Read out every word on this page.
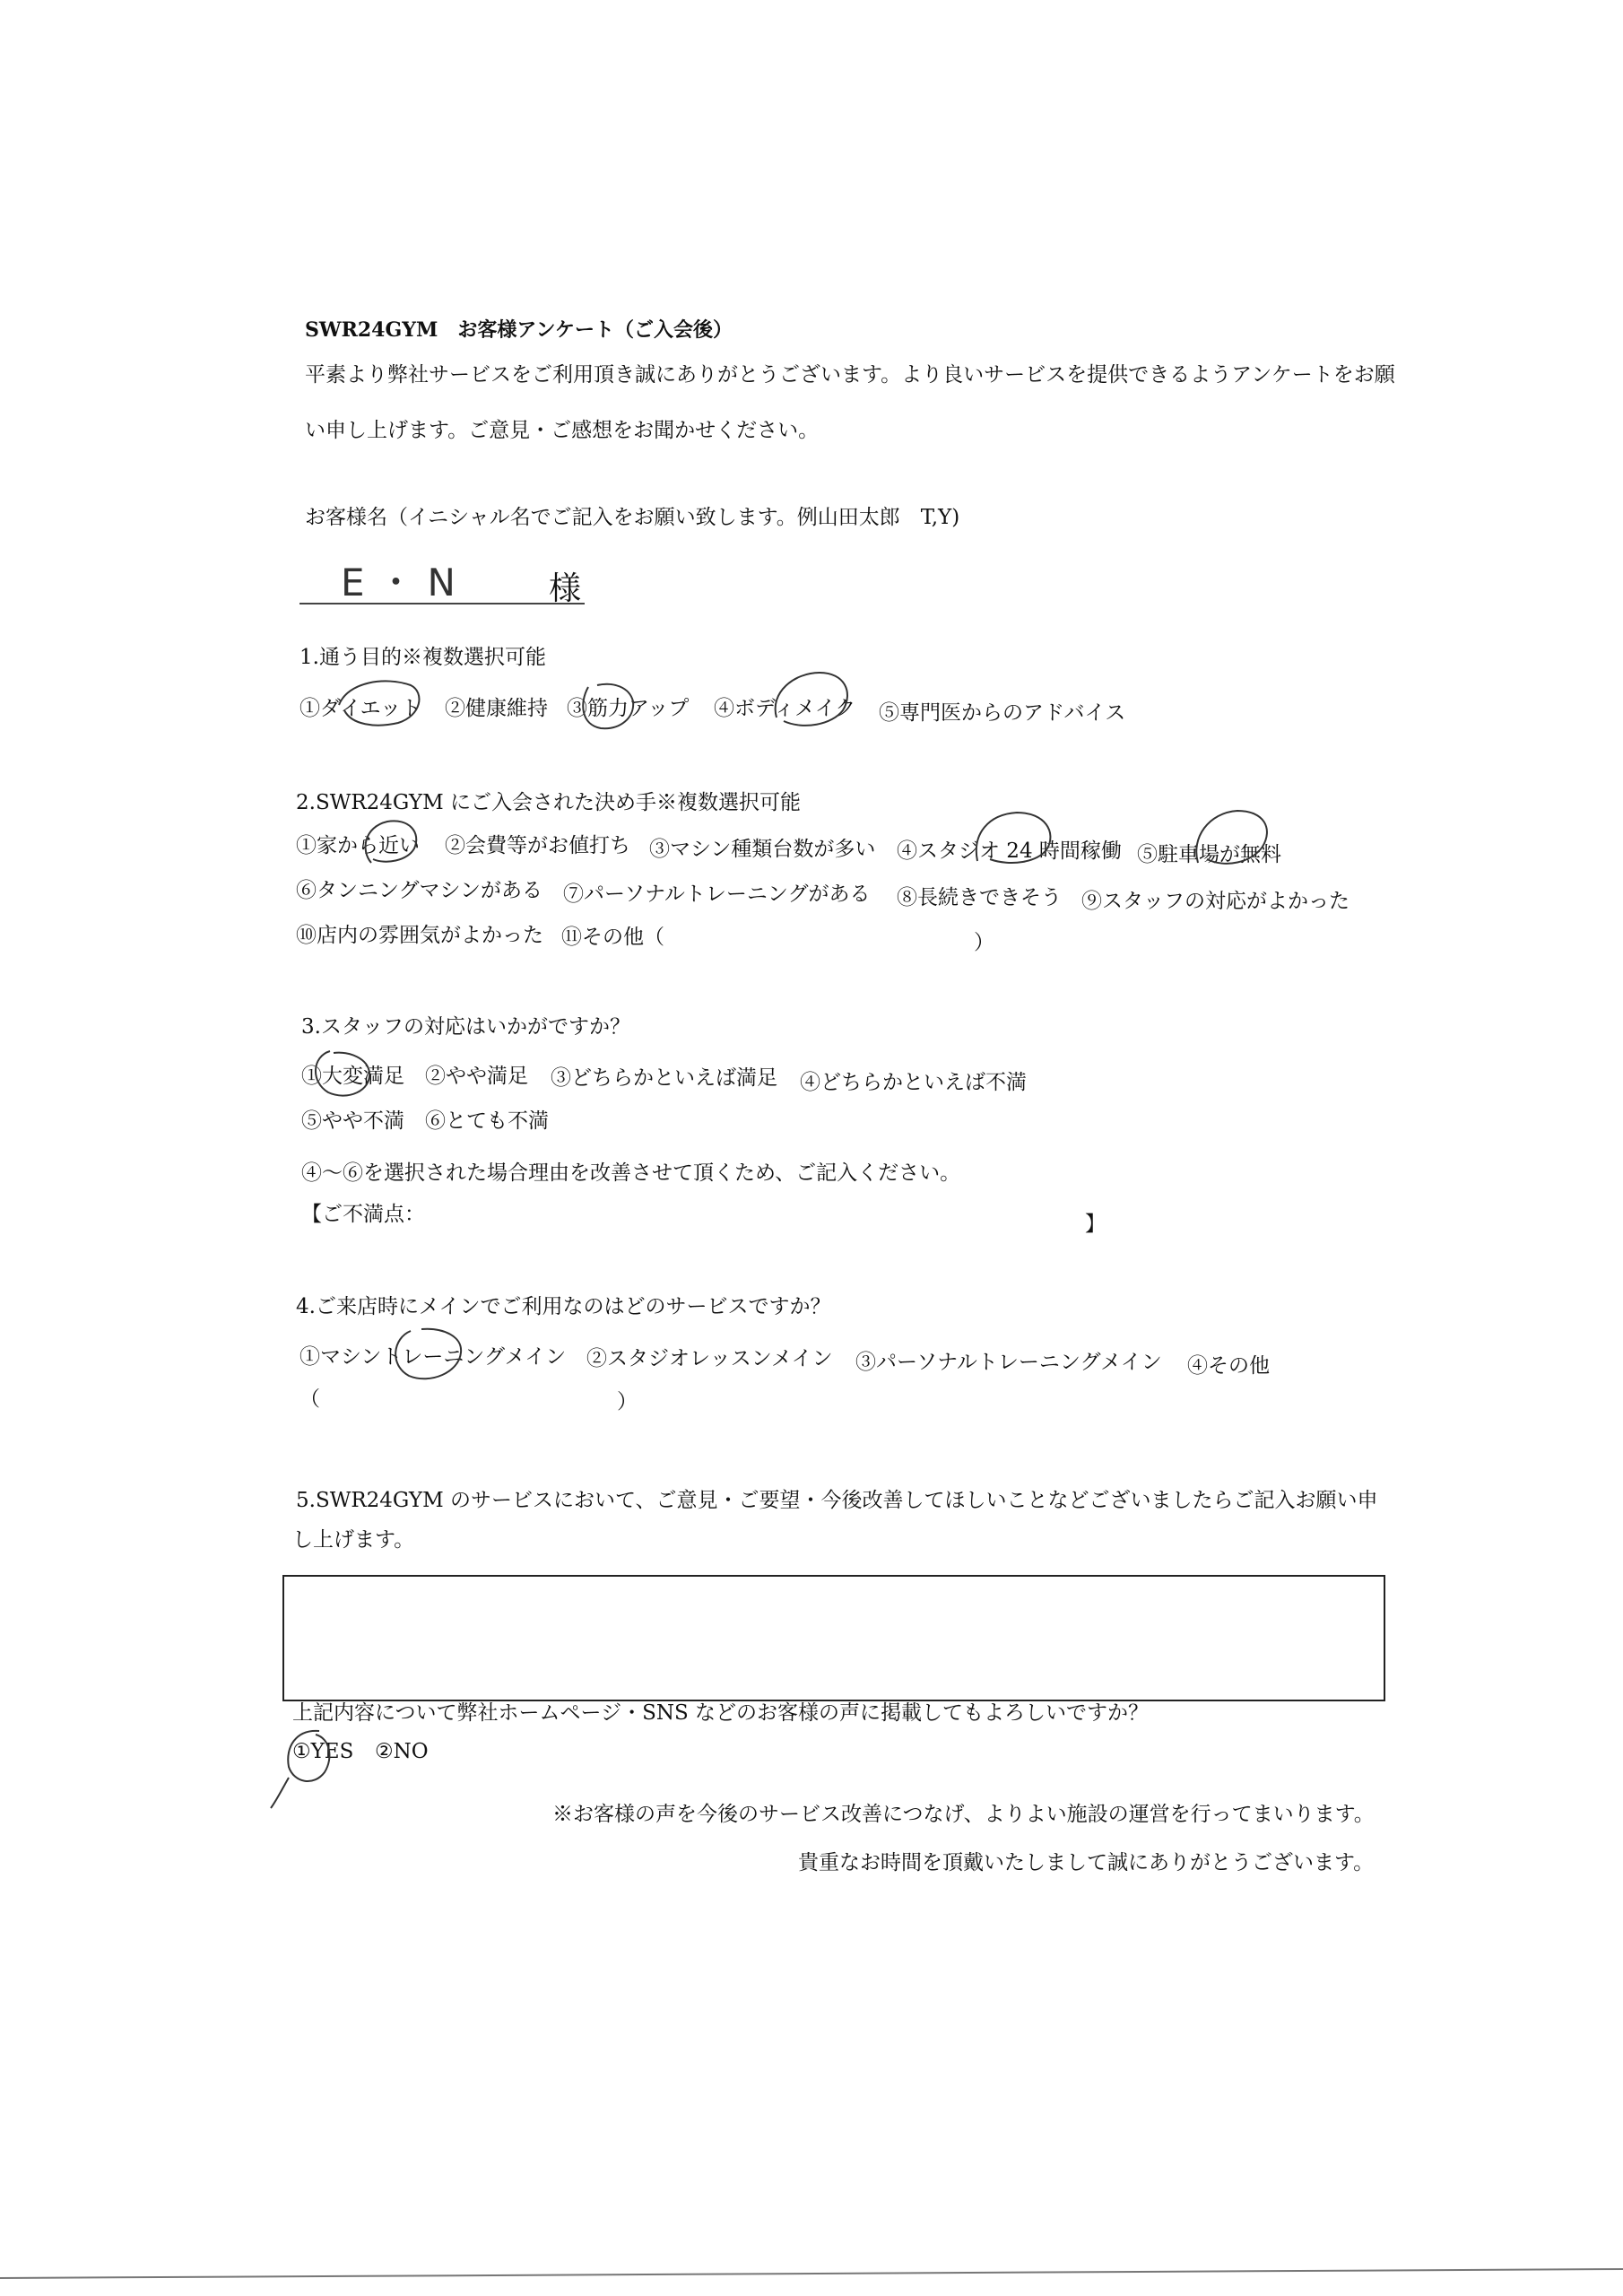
SWR24GYM　お客様アンケート（ご入会後）
平素より弊社サービスをご利用頂き誠にありがとうございます。より良いサービスを提供できるようアンケートをお願
い申し上げます。ご意見・ご感想をお聞かせください。
お客様名（イニシャル名でご記入をお願い致します。例山田太郎　T,Y)
E・N	様
1.通う目的※複数選択可能
①ダイエット ②健康維持 ③筋力アップ ④ボディメイク ⑤専門医からのアドバイス
2.SWR24GYM にご入会された決め手※複数選択可能
①家から近い ②会費等がお値打ち ③マシン種類台数が多い ④スタジオ 24 時間稼働 ⑤駐車場が無料
⑥タンニングマシンがある ⑦パーソナルトレーニングがある ⑧長続きできそう ⑨スタッフの対応がよかった
⑩店内の雰囲気がよかった ⑪その他（	）
3.スタッフの対応はいかがですか？
①大変満足 ②やや満足 ③どちらかといえば満足 ④どちらかといえば不満
⑤やや不満 ⑥とても不満
④～⑥を選択された場合理由を改善させて頂くため、ご記入ください。
【ご不満点：	】
4.ご来店時にメインでご利用なのはどのサービスですか？
①マシントレーニングメイン ②スタジオレッスンメイン ③パーソナルトレーニングメイン ④その他
（	）
5.SWR24GYM のサービスにおいて、ご意見・ご要望・今後改善してほしいことなどございましたらご記入お願い申
し上げます。
上記内容について弊社ホームページ・SNS などのお客様の声に掲載してもよろしいですか？
①YES ②NO
※お客様の声を今後のサービス改善につなげ、よりよい施設の運営を行ってまいります。
貴重なお時間を頂戴いたしまして誠にありがとうございます。
